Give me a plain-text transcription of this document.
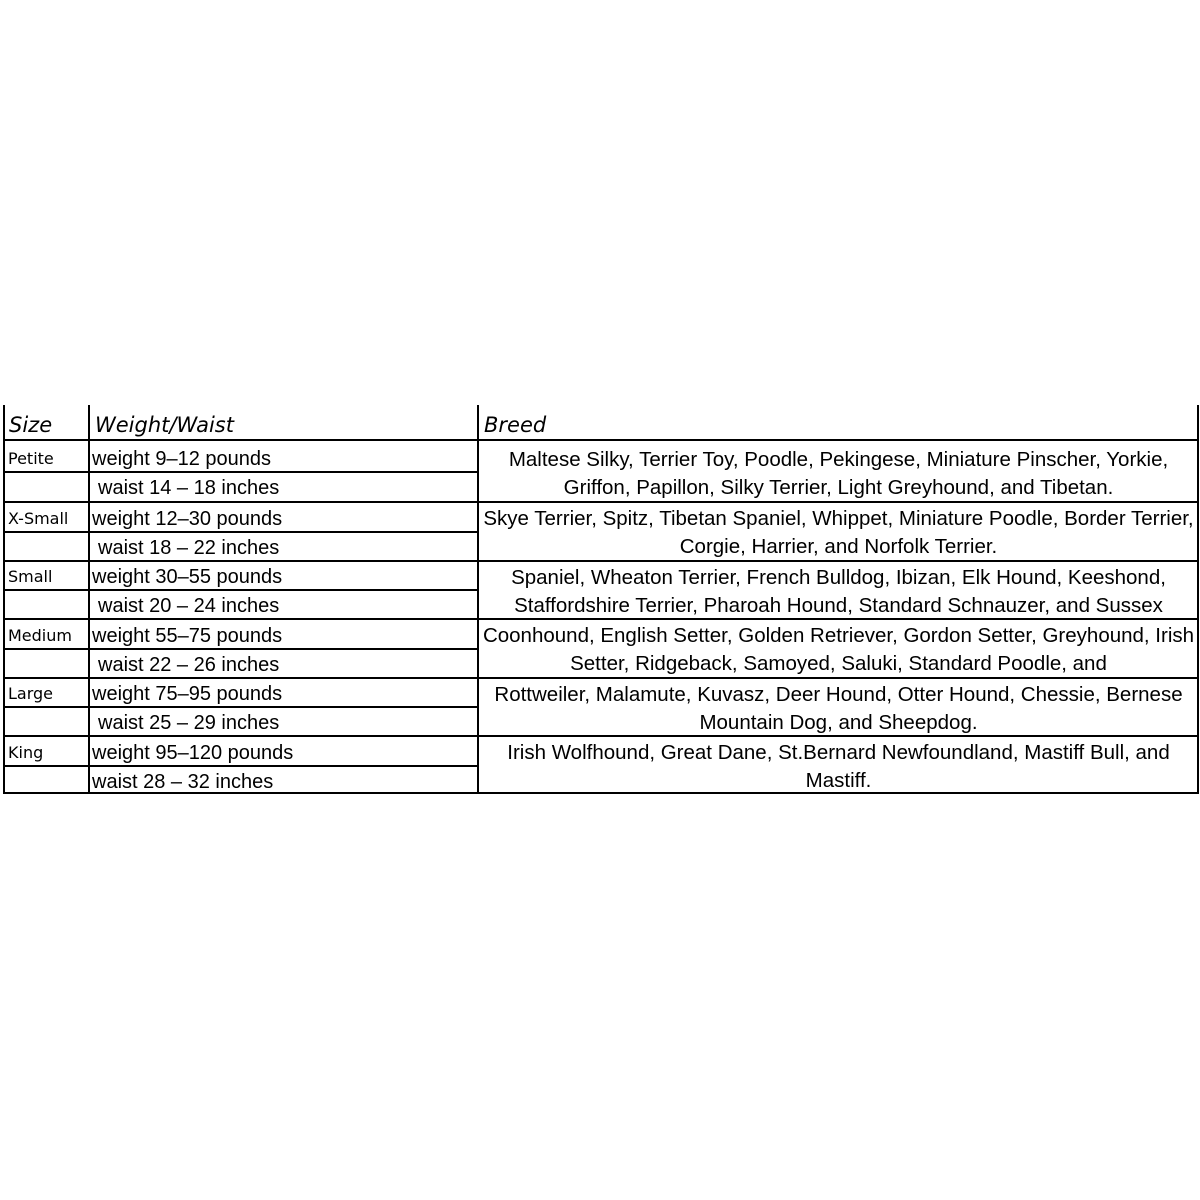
Size Weight/Waist	Breed
Petite weight 9–12 pounds
waist 14 – 18 inches
Maltese Silky, Terrier Toy, Poodle, Pekingese, Miniature Pinscher, Yorkie, Griffon, Papillon, Silky Terrier, Light Greyhound, and Tibetan.
X-Small weight 12–30 pounds
waist 18 – 22 inches
Skye Terrier, Spitz, Tibetan Spaniel, Whippet, Miniature Poodle, Border Terrier, Corgie, Harrier, and Norfolk Terrier.
Small weight 30–55 pounds
waist 20 – 24 inches
Spaniel, Wheaton Terrier, French Bulldog, Ibizan, Elk Hound, Keeshond, Staffordshire Terrier, Pharoah Hound, Standard Schnauzer, and Sussex
Medium weight 55–75 pounds
waist 22 – 26 inches
Coonhound, English Setter, Golden Retriever, Gordon Setter, Greyhound, Irish Setter, Ridgeback, Samoyed, Saluki, Standard Poodle, and
Large weight 75–95 pounds
waist 25 – 29 inches
Rottweiler, Malamute, Kuvasz, Deer Hound, Otter Hound, Chessie, Bernese Mountain Dog, and Sheepdog.
King weight 95–120 pounds
waist 28 – 32 inches
Irish Wolfhound, Great Dane, St.Bernard Newfoundland, Mastiff Bull, and Mastiff.
